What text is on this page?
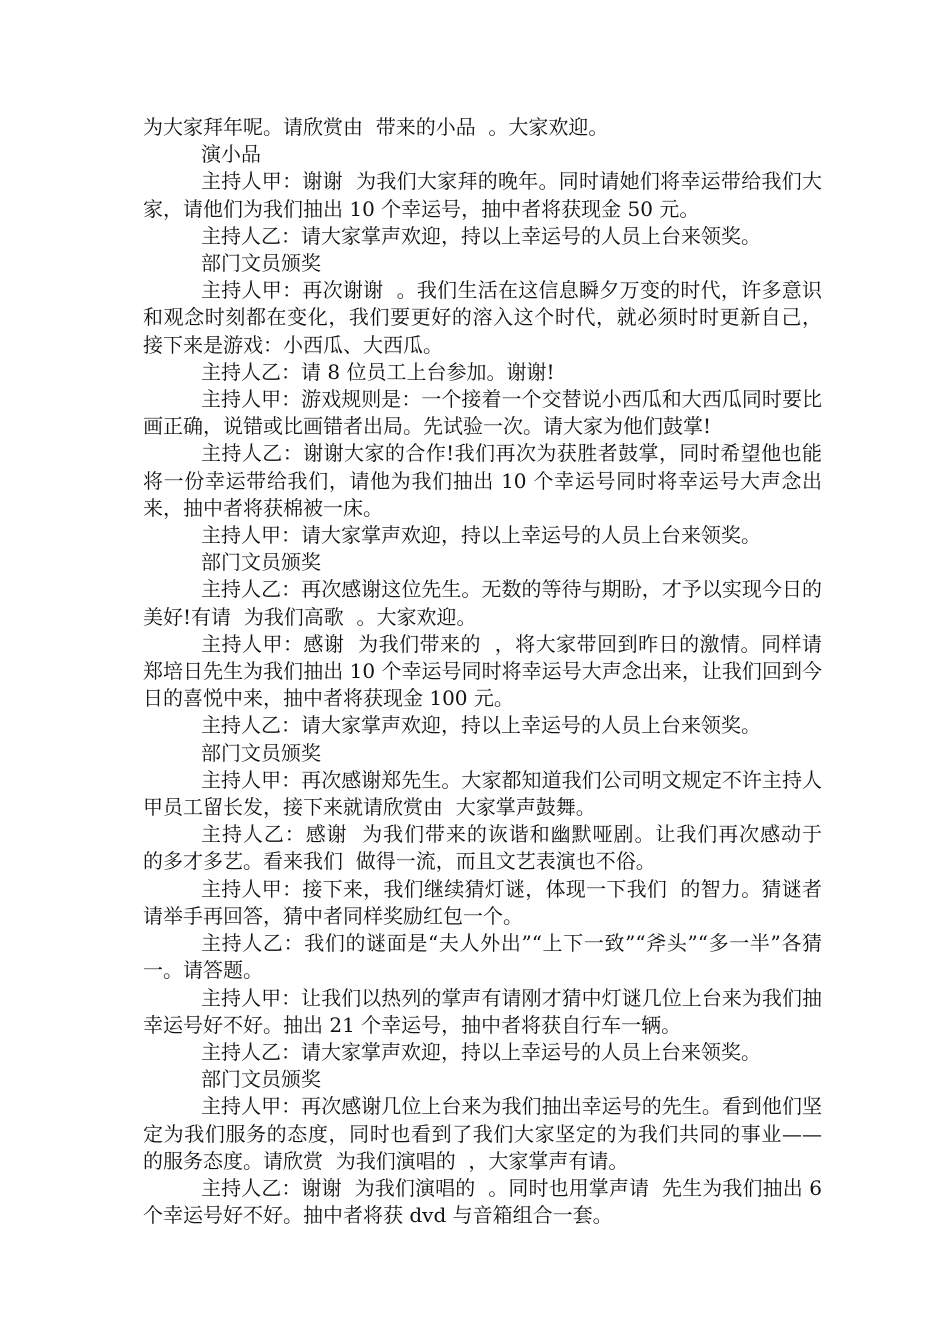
为大家拜年呢。请欣赏由  带来的小品  。大家欢迎。

演小品

主持人甲：谢谢  为我们大家拜的晚年。同时请她们将幸运带给我们大家，请他们为我们抽出 10 个幸运号，抽中者将获现金 50 元。

主持人乙：请大家掌声欢迎，持以上幸运号的人员上台来领奖。

部门文员颁奖

主持人甲：再次谢谢  。我们生活在这信息瞬夕万变的时代，许多意识和观念时刻都在变化，我们要更好的溶入这个时代，就必须时时更新自己，接下来是游戏：小西瓜、大西瓜。

主持人乙：请 8 位员工上台参加。谢谢!

主持人甲：游戏规则是：一个接着一个交替说小西瓜和大西瓜同时要比画正确，说错或比画错者出局。先试验一次。请大家为他们鼓掌!

主持人乙：谢谢大家的合作!我们再次为获胜者鼓掌，同时希望他也能将一份幸运带给我们，请他为我们抽出 10 个幸运号同时将幸运号大声念出来，抽中者将获棉被一床。

主持人甲：请大家掌声欢迎，持以上幸运号的人员上台来领奖。

部门文员颁奖

主持人乙：再次感谢这位先生。无数的等待与期盼，才予以实现今日的美好!有请  为我们高歌  。大家欢迎。

主持人甲：感谢  为我们带来的  ，将大家带回到昨日的激情。同样请郑培日先生为我们抽出 10 个幸运号同时将幸运号大声念出来，让我们回到今日的喜悦中来，抽中者将获现金 100 元。

主持人乙：请大家掌声欢迎，持以上幸运号的人员上台来领奖。

部门文员颁奖

主持人甲：再次感谢郑先生。大家都知道我们公司明文规定不许主持人甲员工留长发，接下来就请欣赏由  大家掌声鼓舞。

主持人乙：感谢  为我们带来的诙谐和幽默哑剧。让我们再次感动于  的多才多艺。看来我们  做得一流，而且文艺表演也不俗。

主持人甲：接下来，我们继续猜灯谜，体现一下我们  的智力。猜谜者请举手再回答，猜中者同样奖励红包一个。

主持人乙：我们的谜面是“夫人外出”“上下一致”“斧头”“多一半”各猜一。请答题。

主持人甲：让我们以热列的掌声有请刚才猜中灯谜几位上台来为我们抽幸运号好不好。抽出 21 个幸运号，抽中者将获自行车一辆。

主持人乙：请大家掌声欢迎，持以上幸运号的人员上台来领奖。

部门文员颁奖

主持人甲：再次感谢几位上台来为我们抽出幸运号的先生。看到他们坚定为我们服务的态度，同时也看到了我们大家坚定的为我们共同的事业——  的服务态度。请欣赏  为我们演唱的  ，大家掌声有请。

主持人乙：谢谢  为我们演唱的  。同时也用掌声请  先生为我们抽出 6 个幸运号好不好。抽中者将获 dvd 与音箱组合一套。
